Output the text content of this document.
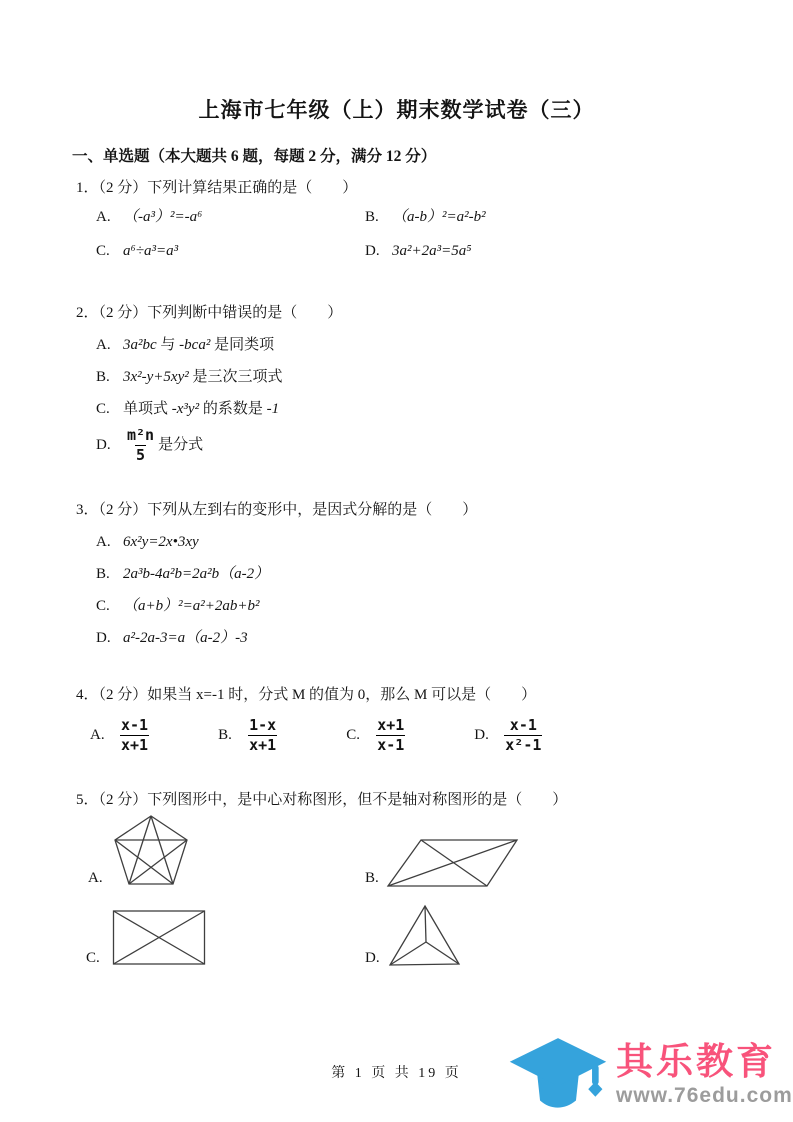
上海市七年级（上）期末数学试卷（三）
一、单选题（本大题共 6 题，每题 2 分，满分 12 分）
1．（2 分）下列计算结果正确的是（　　）
A. （-a³）²=-a⁶	B. （a-b）²=a²-b²
C. a⁶÷a³=a³	D. 3a²+2a³=5a⁵
2．（2 分）下列判断中错误的是（　　）
A. 3a²bc 与 -bca² 是同类项
B. 3x²-y+5xy² 是三次三项式
C. 单项式 -x³y² 的系数是 -1
D.	$\frac{\text{m²n}}{5}$ 是分式
3．（2 分）下列从左到右的变形中，是因式分解的是（　　）
A. 6x²y=2x•3xy
B. 2a³b-4a²b=2a²b（a-2）
C. （a+b）²=a²+2ab+b²
D. a²-2a-3=a（a-2）-3
4．（2 分）如果当 x=-1 时，分式 M 的值为 0，那么 M 可以是（　　）
A.	$\frac{x-1}{x+1}$	B.	$\frac{1-x}{x+1}$	C.	$\frac{x+1}{x-1}$	D.	$\frac{x-1}{\text{x²-1}}$
5．（2 分）下列图形中，是中心对称图形，但不是轴对称图形的是（　　）
A.	B.
C.	D.
第 1 页 共 19 页	其乐教育
www.76edu.com
